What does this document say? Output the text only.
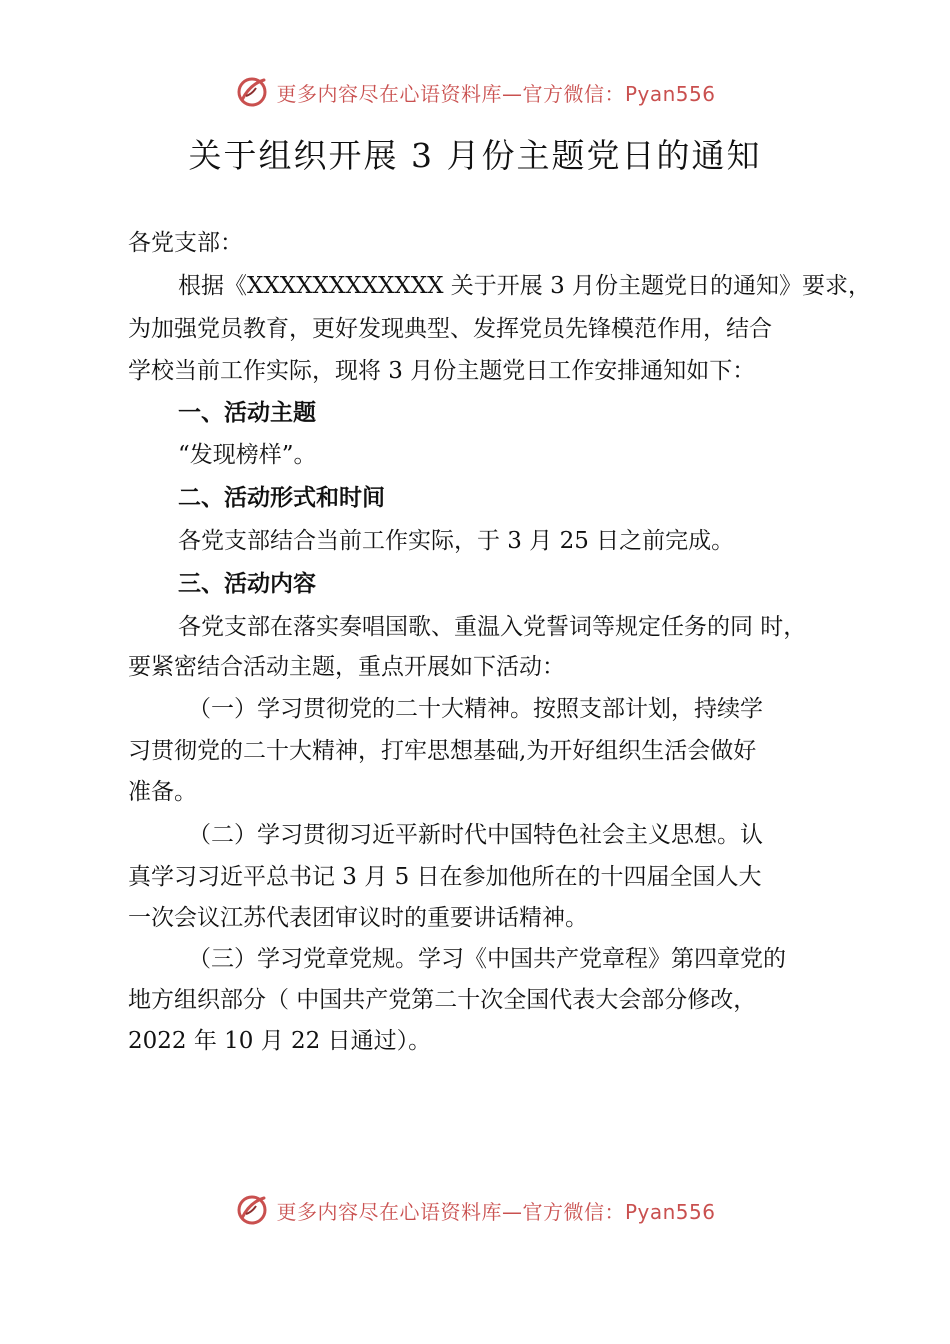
更多内容尽在心语资料库—官方微信：Pyan556
关于组织开展 3 月份主题党日的通知
各党支部：
根据《XXXXXXXXXXXX 关于开展 3 月份主题党日的通知》要求，
为加强党员教育，更好发现典型、发挥党员先锋模范作用，结合
学校当前工作实际，现将 3 月份主题党日工作安排通知如下：
一、活动主题
“发现榜样”。
二、活动形式和时间
各党支部结合当前工作实际，于 3 月 25 日之前完成。
三、活动内容
各党支部在落实奏唱国歌、重温入党誓词等规定任务的同 时，
要紧密结合活动主题，重点开展如下活动：
（一）学习贯彻党的二十大精神。按照支部计划，持续学
习贯彻党的二十大精神，打牢思想基础,为开好组织生活会做好
准备。
（二）学习贯彻习近平新时代中国特色社会主义思想。认
真学习习近平总书记 3 月 5 日在参加他所在的十四届全国人大
一次会议江苏代表团审议时的重要讲话精神。
（三）学习党章党规。学习《中国共产党章程》第四章党的
地方组织部分（ 中国共产党第二十次全国代表大会部分修改，
2022 年 10 月 22 日通过）。
更多内容尽在心语资料库—官方微信：Pyan556
